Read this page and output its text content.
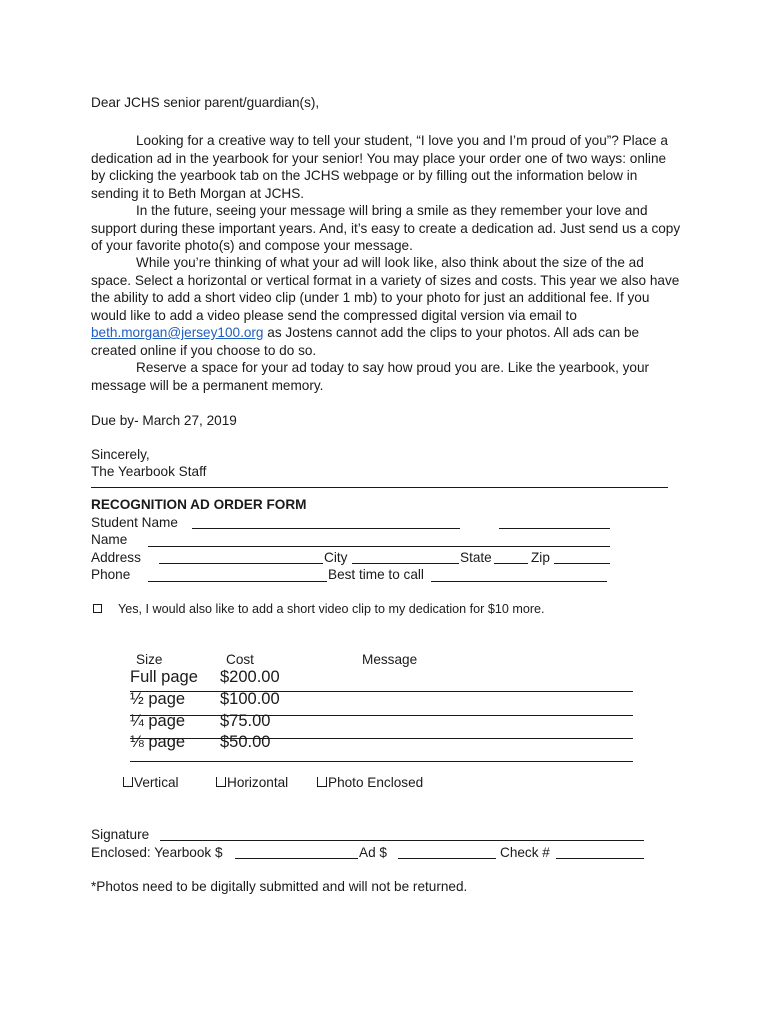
Dear JCHS senior parent/guardian(s),
Looking for a creative way to tell your student, “I love you and I’m proud of you”? Place a dedication ad in the yearbook for your senior! You may place your order one of two ways: online by clicking the yearbook tab on the JCHS webpage or by filling out the information below in sending it to Beth Morgan at JCHS.
In the future, seeing your message will bring a smile as they remember your love and support during these important years. And, it’s easy to create a dedication ad. Just send us a copy of your favorite photo(s) and compose your message.
While you’re thinking of what your ad will look like, also think about the size of the ad space. Select a horizontal or vertical format in a variety of sizes and costs. This year we also have the ability to add a short video clip (under 1 mb) to your photo for just an additional fee. If you would like to add a video please send the compressed digital version via email to beth.morgan@jersey100.org as Jostens cannot add the clips to your photos. All ads can be created online if you choose to do so.
Reserve a space for your ad today to say how proud you are. Like the yearbook, your message will be a permanent memory.
Due by- March 27, 2019
Sincerely,
The Yearbook Staff
RECOGNITION AD ORDER FORM
Student Name
Name
Address	City	State	Zip
Phone	Best time to call
Yes, I would also like to add a short video clip to my dedication for $10 more.
Size	Cost	Message
Full page $200.00
½ page $100.00
¼ page $75.00
⅛ page $50.00
Vertical	Horizontal	Photo Enclosed
Signature
Enclosed: Yearbook $	Ad $	Check #
*Photos need to be digitally submitted and will not be returned.
